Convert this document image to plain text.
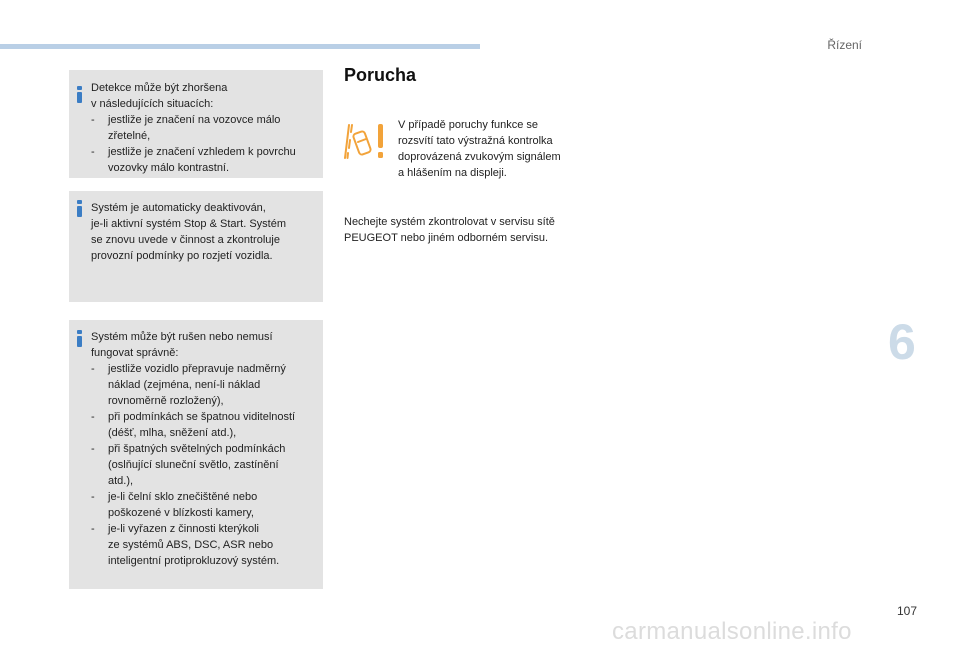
Řízení
6
107
Detekce může být zhoršena
v následujících situacích:
-	jestliže je značení na vozovce málo
zřetelné,
-	jestliže je značení vzhledem k povrchu
vozovky málo kontrastní.
Systém je automaticky deaktivován,
je-li aktivní systém Stop & Start. Systém
se znovu uvede v činnost a zkontroluje
provozní podmínky po rozjetí vozidla.
Systém může být rušen nebo nemusí
fungovat správně:
-	jestliže vozidlo přepravuje nadměrný
náklad (zejména, není-li náklad
rovnoměrně rozložený),
-	při podmínkách se špatnou viditelností
(déšť, mlha, sněžení atd.),
-	při špatných světelných podmínkách
(oslňující sluneční světlo, zastínění
atd.),
-	je-li čelní sklo znečištěné nebo
poškozené v blízkosti kamery,
-	je-li vyřazen z činnosti kterýkoli
ze systémů ABS, DSC, ASR nebo
inteligentní protiprokluzový systém.
Porucha
V případě poruchy funkce se
rozsvítí tato výstražná kontrolka
doprovázená zvukovým signálem
a hlášením na displeji.
Nechejte systém zkontrolovat v servisu sítě
PEUGEOT nebo jiném odborném servisu.
carmanualsonline.info
